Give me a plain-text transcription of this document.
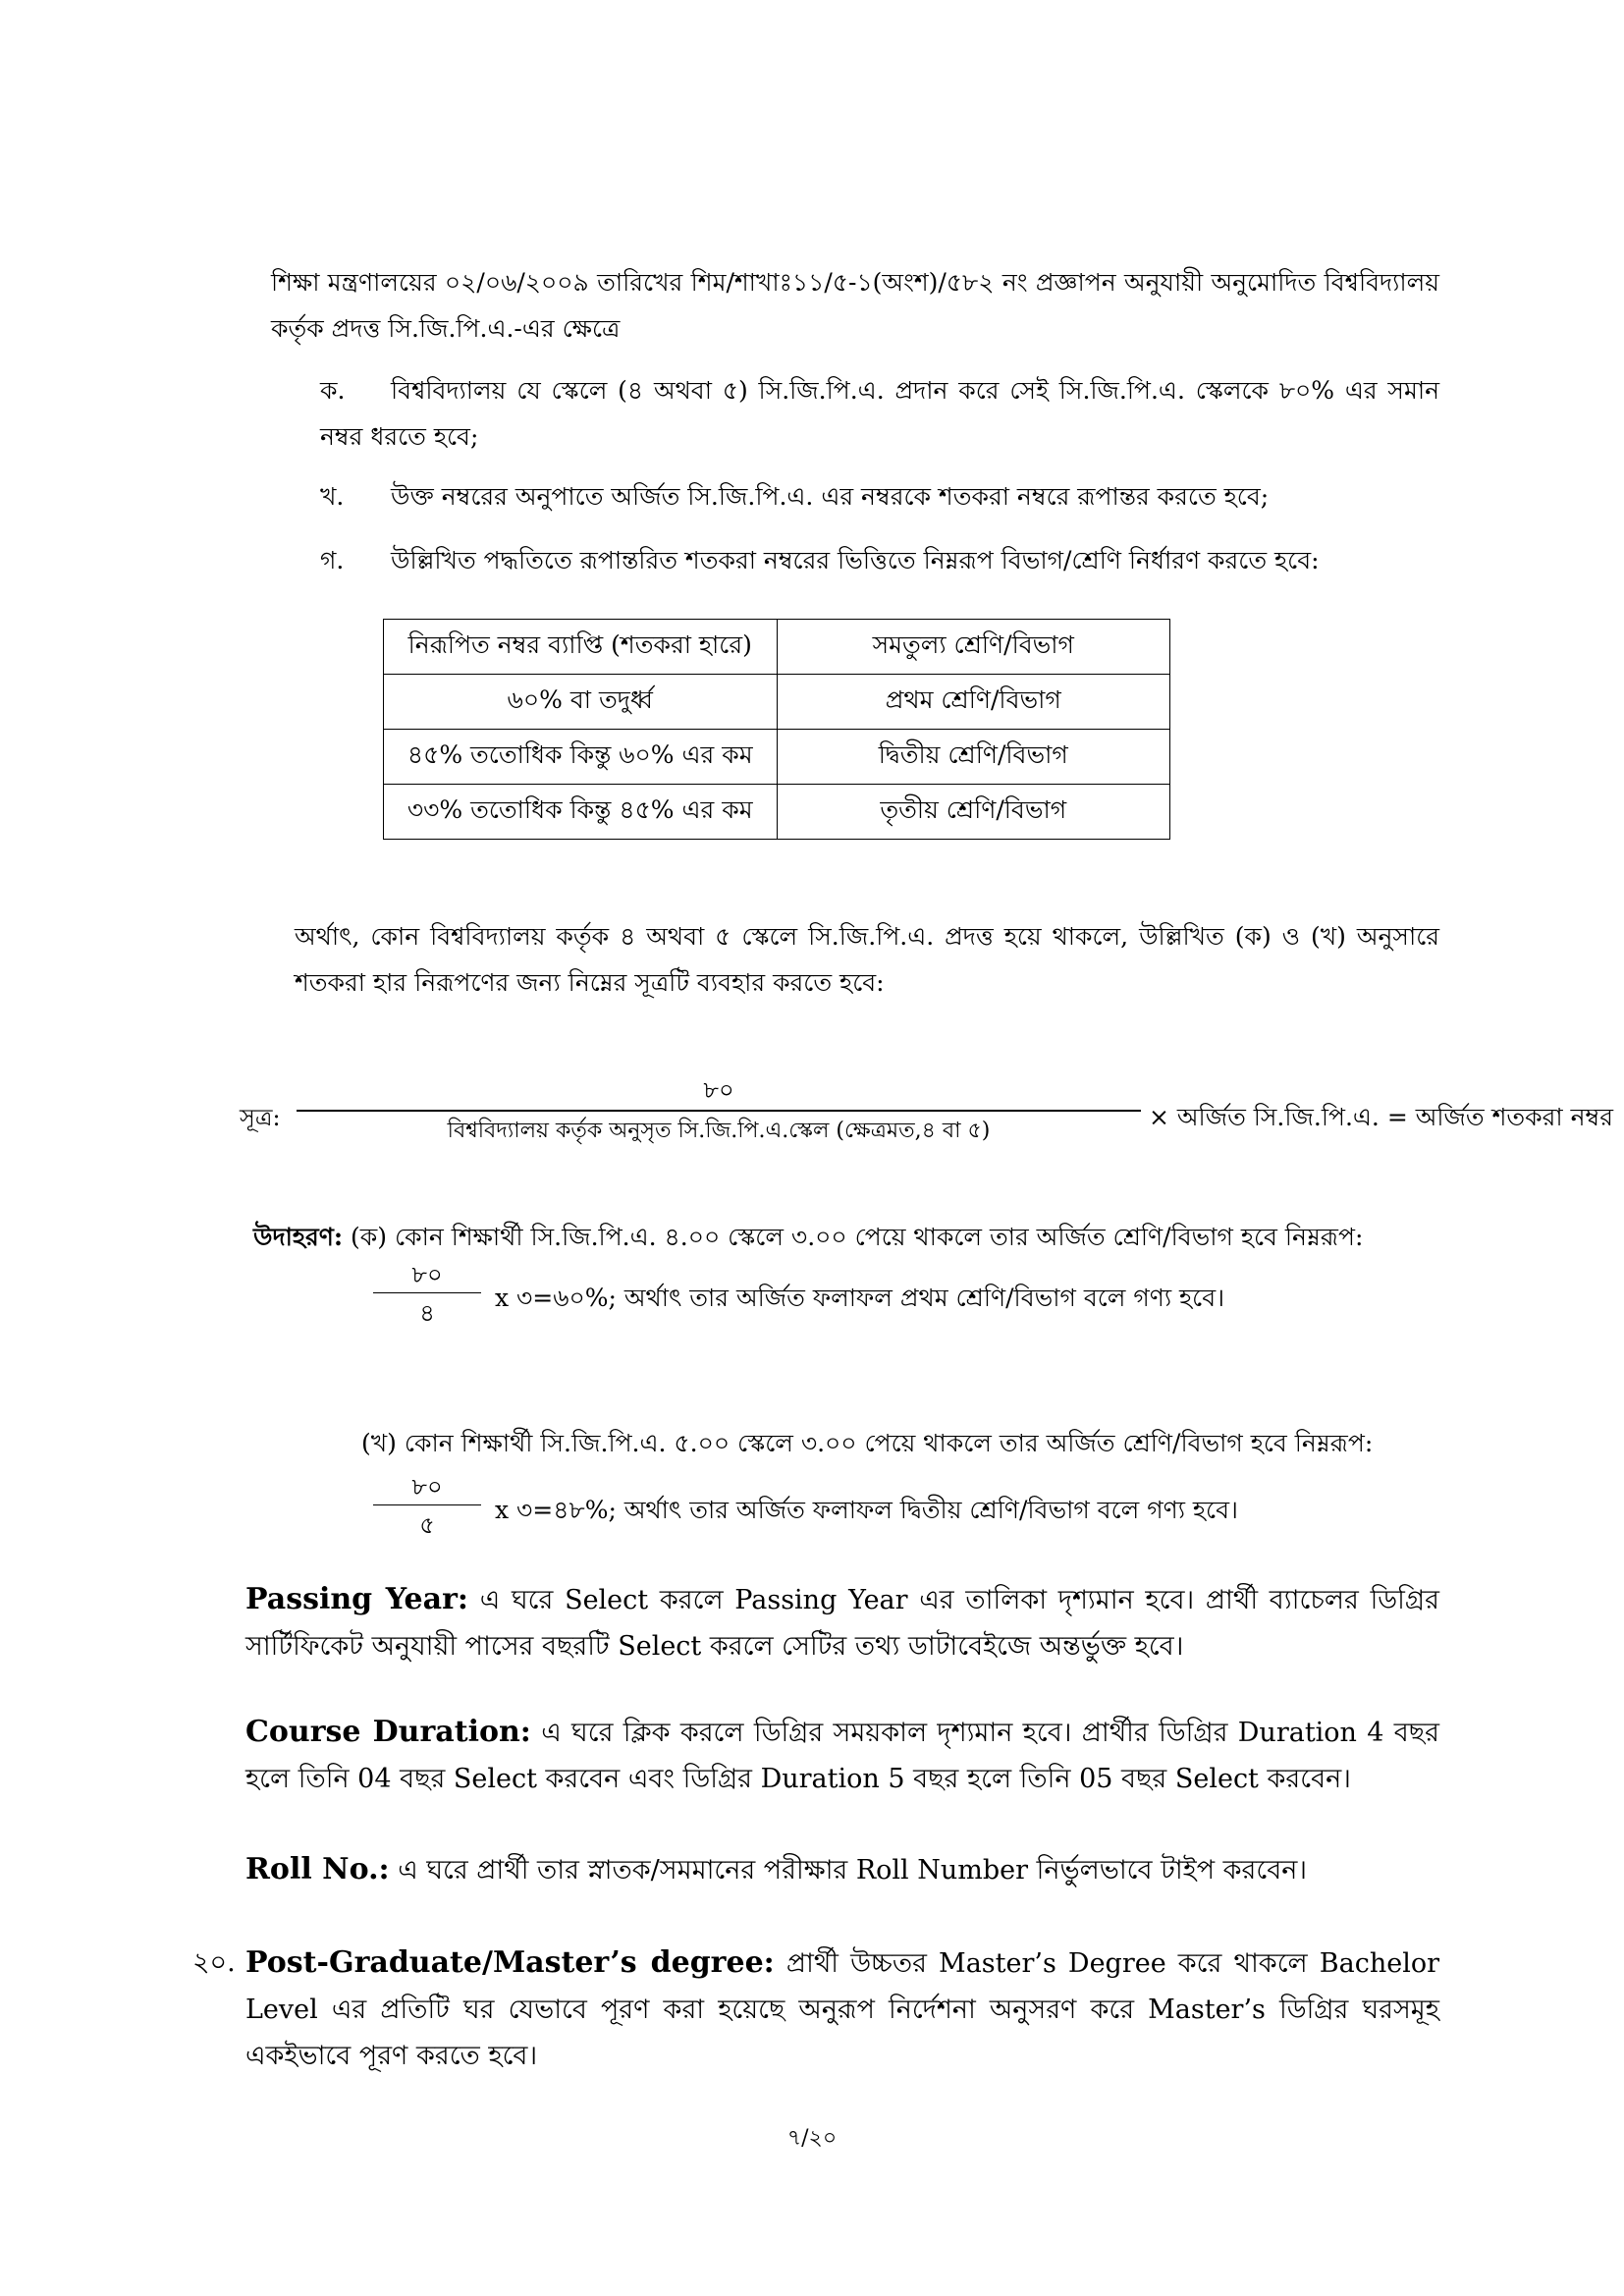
শিক্ষা মন্ত্রণালয়ের ০২/০৬/২০০৯ তারিখের শিম/শাখাঃ১১/৫-১(অংশ)/৫৮২ নং প্রজ্ঞাপন অনুযায়ী অনুমোদিত বিশ্ববিদ্যালয় কর্তৃক প্রদত্ত সি.জি.পি.এ.-এর ক্ষেত্রে
ক. বিশ্ববিদ্যালয় যে স্কেলে (৪ অথবা ৫) সি.জি.পি.এ. প্রদান করে সেই সি.জি.পি.এ. স্কেলকে ৮০% এর সমান নম্বর ধরতে হবে;
খ. উক্ত নম্বরের অনুপাতে অর্জিত সি.জি.পি.এ. এর নম্বরকে শতকরা নম্বরে রূপান্তর করতে হবে;
গ. উল্লিখিত পদ্ধতিতে রূপান্তরিত শতকরা নম্বরের ভিত্তিতে নিম্নরূপ বিভাগ/শ্রেণি নির্ধারণ করতে হবে:
নিরূপিত নম্বর ব্যাপ্তি (শতকরা হারে)	সমতুল্য শ্রেণি/বিভাগ
৬০% বা তদুর্ধ্ব	প্রথম শ্রেণি/বিভাগ
৪৫% ততোধিক কিন্তু ৬০% এর কম	দ্বিতীয় শ্রেণি/বিভাগ
৩৩% ততোধিক কিন্তু ৪৫% এর কম	তৃতীয় শ্রেণি/বিভাগ
অর্থাৎ, কোন বিশ্ববিদ্যালয় কর্তৃক ৪ অথবা ৫ স্কেলে সি.জি.পি.এ. প্রদত্ত হয়ে থাকলে, উল্লিখিত (ক) ও (খ) অনুসারে শতকরা হার নিরূপণের জন্য নিম্নের সূত্রটি ব্যবহার করতে হবে:
সূত্র:
৮০
বিশ্ববিদ্যালয় কর্তৃক অনুসৃত সি.জি.পি.এ.স্কেল (ক্ষেত্রমত,৪ বা ৫)	× অর্জিত সি.জি.পি.এ. = অর্জিত শতকরা নম্বর
উদাহরণ: (ক) কোন শিক্ষার্থী সি.জি.পি.এ. ৪.০০ স্কেলে ৩.০০ পেয়ে থাকলে তার অর্জিত শ্রেণি/বিভাগ হবে নিম্নরূপ:
৮০
৪
x ৩=৬০%; অর্থাৎ তার অর্জিত ফলাফল প্রথম শ্রেণি/বিভাগ বলে গণ্য হবে।
(খ) কোন শিক্ষার্থী সি.জি.পি.এ. ৫.০০ স্কেলে ৩.০০ পেয়ে থাকলে তার অর্জিত শ্রেণি/বিভাগ হবে নিম্নরূপ:
৮০
৫
x ৩=৪৮%; অর্থাৎ তার অর্জিত ফলাফল দ্বিতীয় শ্রেণি/বিভাগ বলে গণ্য হবে।
Passing Year: এ ঘরে Select করলে Passing Year এর তালিকা দৃশ্যমান হবে। প্রার্থী ব্যাচেলর ডিগ্রির সার্টিফিকেট অনুযায়ী পাসের বছরটি Select করলে সেটির তথ্য ডাটাবেইজে অন্তর্ভুক্ত হবে।
Course Duration: এ ঘরে ক্লিক করলে ডিগ্রির সময়কাল দৃশ্যমান হবে। প্রার্থীর ডিগ্রির Duration 4 বছর হলে তিনি 04 বছর Select করবেন এবং ডিগ্রির Duration 5 বছর হলে তিনি 05 বছর Select করবেন।
Roll No.: এ ঘরে প্রার্থী তার স্নাতক/সমমানের পরীক্ষার Roll Number নির্ভুলভাবে টাইপ করবেন।
২০. Post-Graduate/Master’s degree: প্রার্থী উচ্চতর Master’s Degree করে থাকলে Bachelor Level এর প্রতিটি ঘর যেভাবে পূরণ করা হয়েছে অনুরূপ নির্দেশনা অনুসরণ করে Master’s ডিগ্রির ঘরসমূহ একইভাবে পূরণ করতে হবে।
৭/২০
